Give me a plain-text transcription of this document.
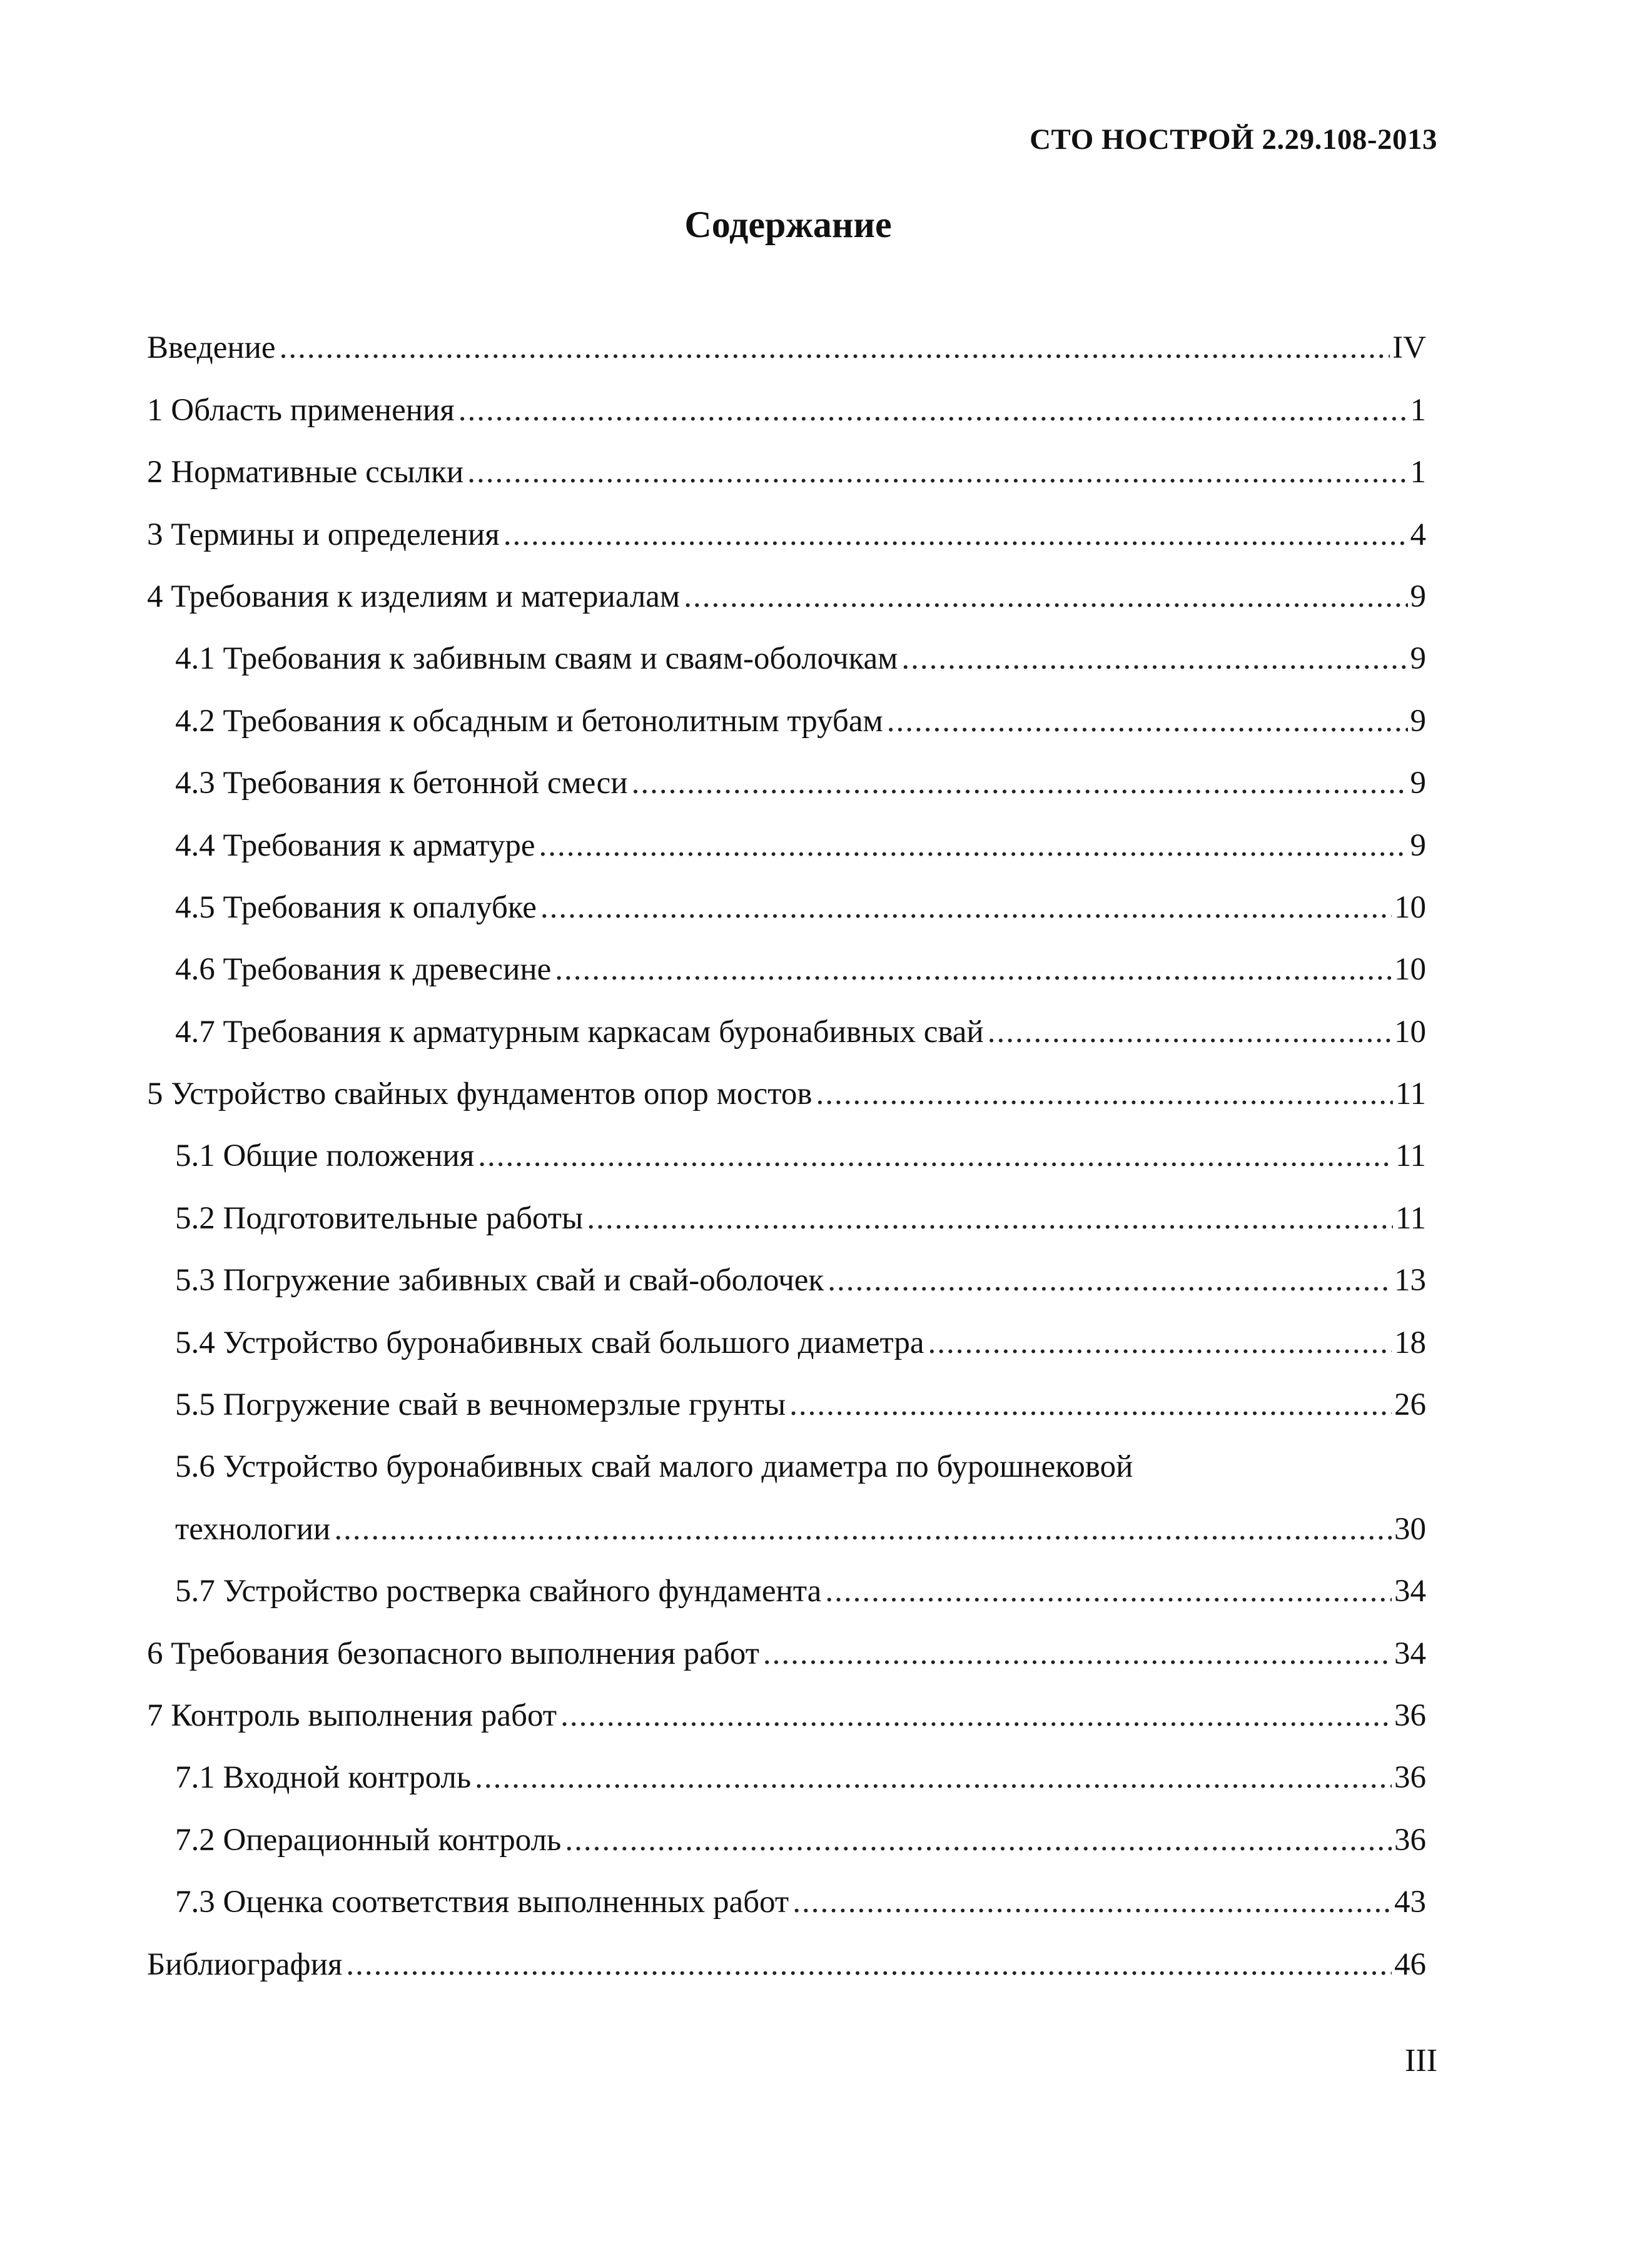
СТО НОСТРОЙ 2.29.108-2013
Содержание
Введение .....	IV
1 Область применения .....	1
2 Нормативные ссылки .....	1
3 Термины и определения .....	4
4 Требования к изделиям и материалам .....	9
4.1 Требования к забивным сваям и сваям-оболочкам .....	9
4.2 Требования к обсадным и бетонолитным трубам .....	9
4.3 Требования к бетонной смеси .....	9
4.4 Требования к арматуре .....	9
4.5 Требования к опалубке .....	10
4.6 Требования к древесине .....	10
4.7 Требования к арматурным каркасам буронабивных свай .....	10
5 Устройство свайных фундаментов опор мостов .....	11
5.1 Общие положения .....	11
5.2 Подготовительные работы .....	11
5.3 Погружение забивных свай и свай-оболочек .....	13
5.4 Устройство буронабивных свай большого диаметра .....	18
5.5 Погружение свай в вечномерзлые грунты .....	26
5.6 Устройство буронабивных свай малого диаметра по бурошнековой
технологии .....	30
5.7 Устройство ростверка свайного фундамента .....	34
6 Требования безопасного выполнения работ .....	34
7 Контроль выполнения работ .....	36
7.1 Входной контроль .....	36
7.2 Операционный контроль .....	36
7.3 Оценка соответствия выполненных работ .....	43
Библиография .....	46
III
